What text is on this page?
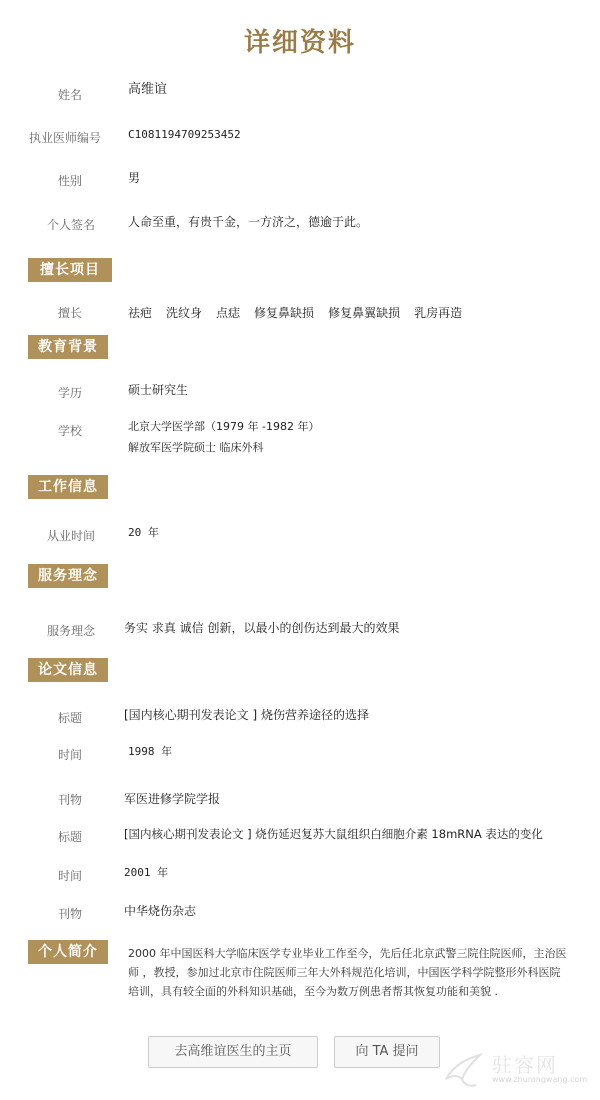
详细资料
姓名	高维谊
执业医师编号	C1081194709253452
性别	男
个人签名	人命至重，有贵千金，一方济之，德逾于此。
擅长项目
擅长	祛疤 洗纹身 点痣 修复鼻缺损 修复鼻翼缺损 乳房再造
教育背景
学历	硕士研究生
学校	北京大学医学部（1979 年 -1982 年）
解放军医学院硕士 临床外科
工作信息
从业时间	20 年
服务理念
服务理念	务实 求真 诚信 创新，以最小的创伤达到最大的效果
论文信息
标题	[国内核心期刊发表论文 ] 烧伤营养途径的选择
时间	1998 年
刊物	军医进修学院学报
标题	[国内核心期刊发表论文 ] 烧伤延迟复苏大鼠组织白细胞介素 18mRNA 表达的变化
时间	2001 年
刊物	中华烧伤杂志
个人简介	2000 年中国医科大学临床医学专业毕业工作至今，先后任北京武警三院住院医师，主治医师 ，教授，参加过北京市住院医师三年大外科规范化培训，中国医学科学院整形外科医院培训，具有较全面的外科知识基础，至今为数万例患者帮其恢复功能和美貌 .
去高维谊医生的主页	向 TA 提问
驻容网
www.zhurongwang.com
